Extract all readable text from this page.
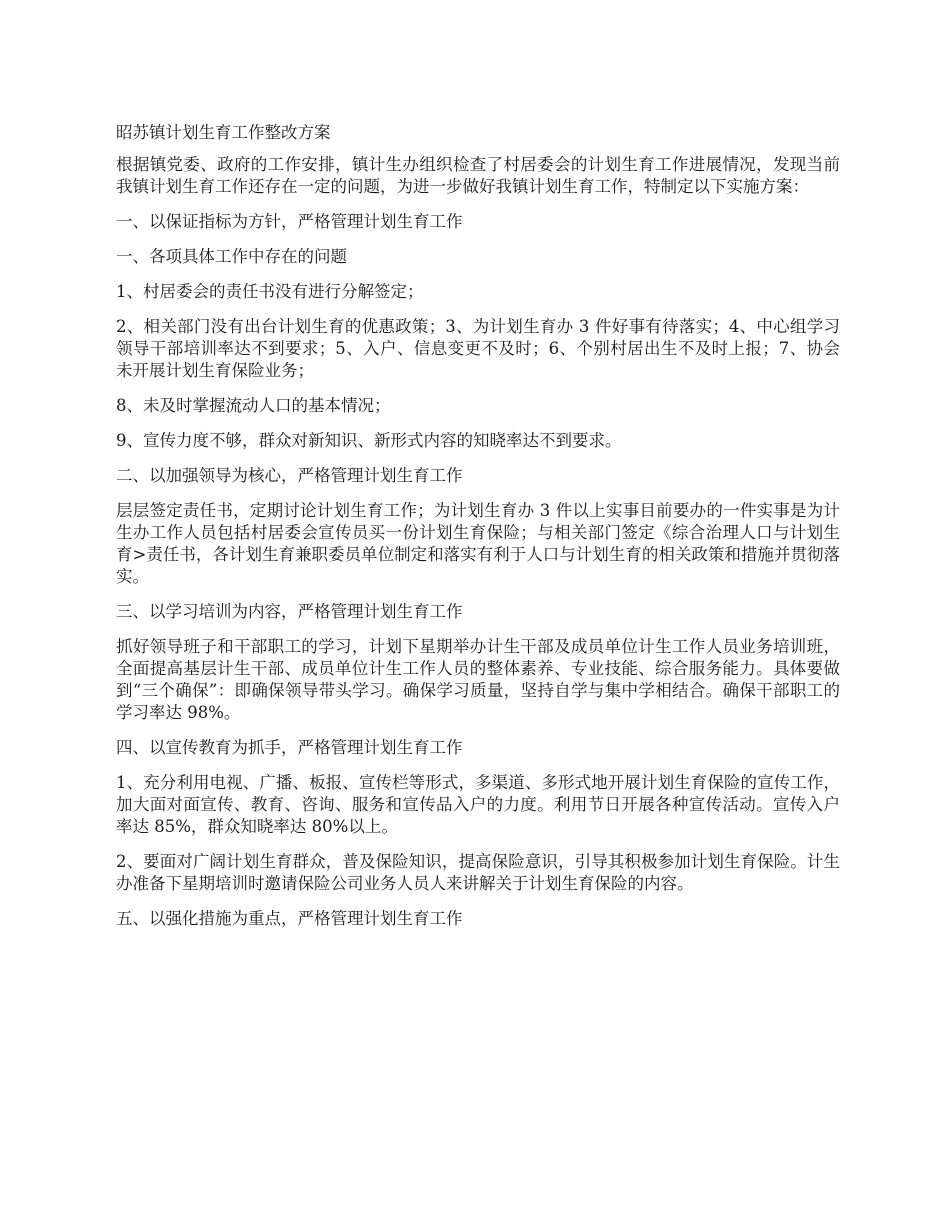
昭苏镇计划生育工作整改方案

根据镇党委、政府的工作安排，镇计生办组织检查了村居委会的计划生育工作进展情况，发现当前我镇计划生育工作还存在一定的问题，为进一步做好我镇计划生育工作，特制定以下实施方案：

一、以保证指标为方针，严格管理计划生育工作

一、各项具体工作中存在的问题

1、村居委会的责任书没有进行分解签定；

2、相关部门没有出台计划生育的优惠政策；3、为计划生育办 3 件好事有待落实；4、中心组学习领导干部培训率达不到要求；5、入户、信息变更不及时；6、个别村居出生不及时上报；7、协会未开展计划生育保险业务；

8、未及时掌握流动人口的基本情况；

9、宣传力度不够，群众对新知识、新形式内容的知晓率达不到要求。

二、以加强领导为核心，严格管理计划生育工作

层层签定责任书，定期讨论计划生育工作；为计划生育办 3 件以上实事目前要办的一件实事是为计生办工作人员包括村居委会宣传员买一份计划生育保险；与相关部门签定《综合治理人口与计划生育>责任书，各计划生育兼职委员单位制定和落实有利于人口与计划生育的相关政策和措施并贯彻落实。

三、以学习培训为内容，严格管理计划生育工作

抓好领导班子和干部职工的学习，计划下星期举办计生干部及成员单位计生工作人员业务培训班，全面提高基层计生干部、成员单位计生工作人员的整体素养、专业技能、综合服务能力。具体要做到“三个确保”：即确保领导带头学习。确保学习质量，坚持自学与集中学相结合。确保干部职工的学习率达 98%。

四、以宣传教育为抓手，严格管理计划生育工作

1、充分利用电视、广播、板报、宣传栏等形式，多渠道、多形式地开展计划生育保险的宣传工作，加大面对面宣传、教育、咨询、服务和宣传品入户的力度。利用节日开展各种宣传活动。宣传入户率达 85%，群众知晓率达 80%以上。

2、要面对广阔计划生育群众，普及保险知识，提高保险意识，引导其积极参加计划生育保险。计生办准备下星期培训时邀请保险公司业务人员人来讲解关于计划生育保险的内容。

五、以强化措施为重点，严格管理计划生育工作
